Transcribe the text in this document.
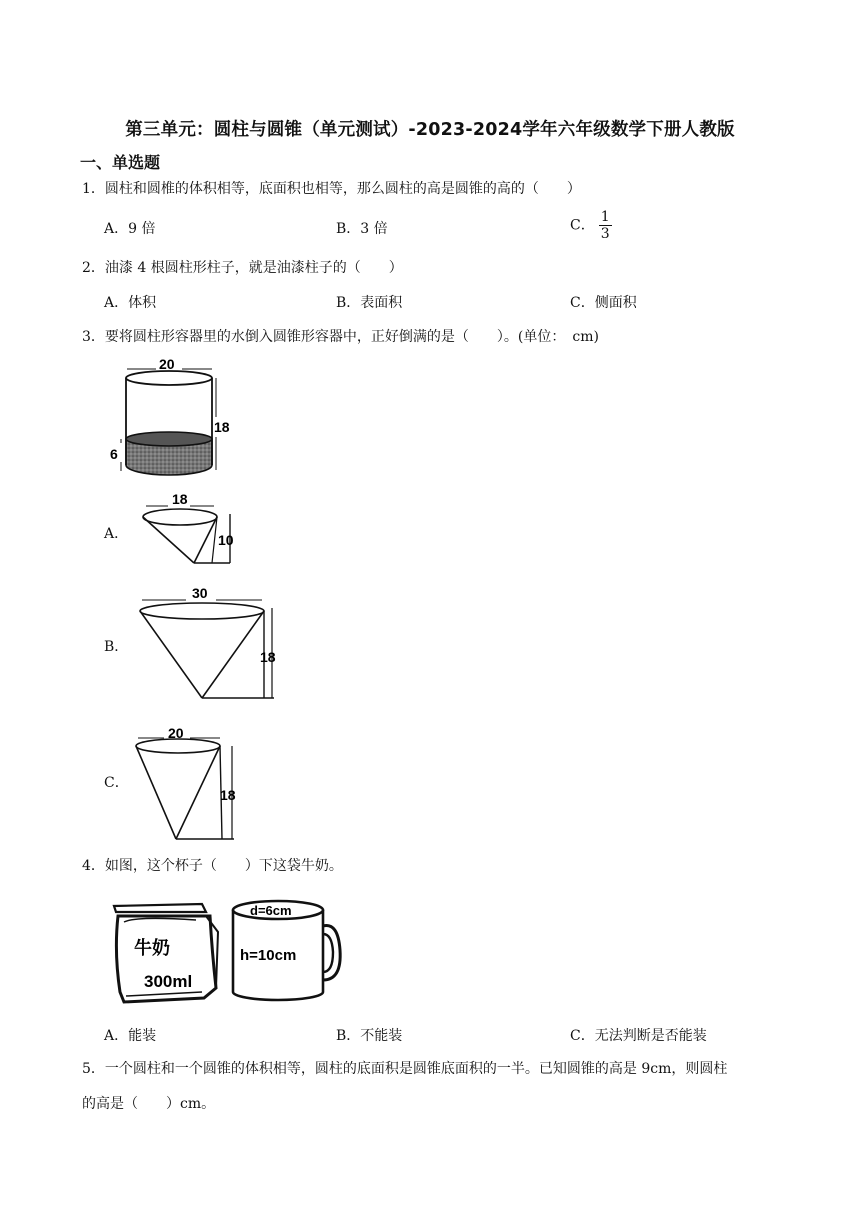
第三单元：圆柱与圆锥（单元测试）-2023-2024学年六年级数学下册人教版
一、单选题
1．圆柱和圆椎的体积相等，底面积也相等，那么圆柱的高是圆锥的高的（　　）
A．9 倍	B．3 倍	C． $\frac{1}{3}$
2．油漆 4 根圆柱形柱子，就是油漆柱子的（　　）
A．体积	B．表面积	C．侧面积
3．要将圆柱形容器里的水倒入圆锥形容器中，正好倒满的是（　　）。(单位：　cm)
20
18
6
A．
18
10
B．
30
18
C．
20
18
4．如图，这个杯子（　　）下这袋牛奶。
牛奶
300ml
d=6cm
h=10cm
A．能装	B．不能装	C．无法判断是否能装
5．一个圆柱和一个圆锥的体积相等，圆柱的底面积是圆锥底面积的一半。已知圆锥的高是 9cm，则圆柱
的高是（　　）cm。
